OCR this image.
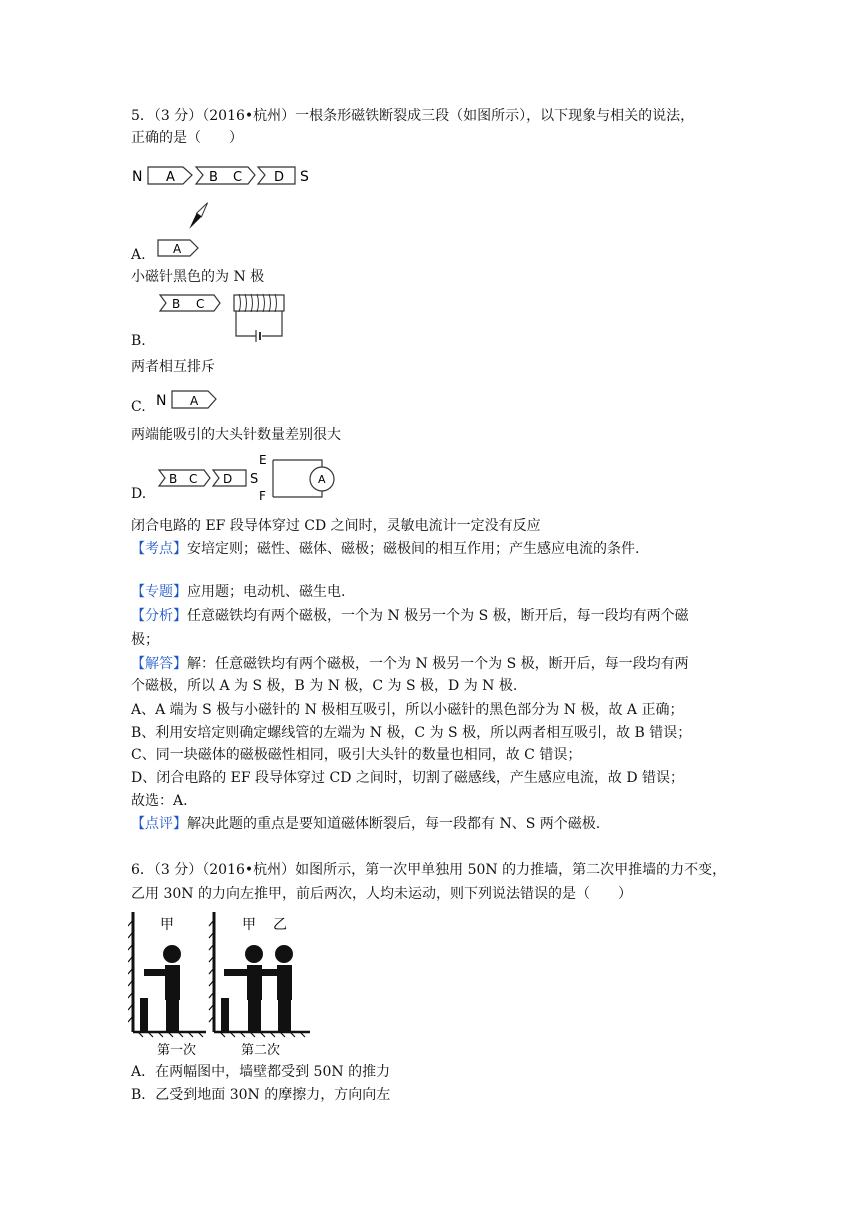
5．（3 分）（2016•杭州）一根条形磁铁断裂成三段（如图所示），以下现象与相关的说法，
正确的是（　　）
N A	B C D S
A. A
小磁针黑色的为 N 极
B C
B.
两者相互排斥
C. N A
两端能吸引的大头针数量差别很大
B C D S
E
F
A
D.
闭合电路的 EF 段导体穿过 CD 之间时，灵敏电流计一定没有反应
【考点】安培定则；磁性、磁体、磁极；磁极间的相互作用；产生感应电流的条件.
【专题】应用题；电动机、磁生电.
【分析】任意磁铁均有两个磁极，一个为 N 极另一个为 S 极，断开后，每一段均有两个磁
极；
【解答】解：任意磁铁均有两个磁极，一个为 N 极另一个为 S 极，断开后，每一段均有两
个磁极，所以 A 为 S 极，B 为 N 极，C 为 S 极，D 为 N 极.
A、A 端为 S 极与小磁针的 N 极相互吸引，所以小磁针的黑色部分为 N 极，故 A 正确；
B、利用安培定则确定螺线管的左端为 N 极，C 为 S 极，所以两者相互吸引，故 B 错误；
C、同一块磁体的磁极磁性相同，吸引大头针的数量也相同，故 C 错误；
D、闭合电路的 EF 段导体穿过 CD 之间时，切割了磁感线，产生感应电流，故 D 错误；
故选：A.
【点评】解决此题的重点是要知道磁体断裂后，每一段都有 N、S 两个磁极.
6．（3 分）（2016•杭州）如图所示，第一次甲单独用 50N 的力推墙，第二次甲推墙的力不变，
乙用 30N 的力向左推甲，前后两次，人均未运动，则下列说法错误的是（　　）
甲
第一次
甲 乙
第二次
A．在两幅图中，墙壁都受到 50N 的推力
B．乙受到地面 30N 的摩擦力，方向向左
